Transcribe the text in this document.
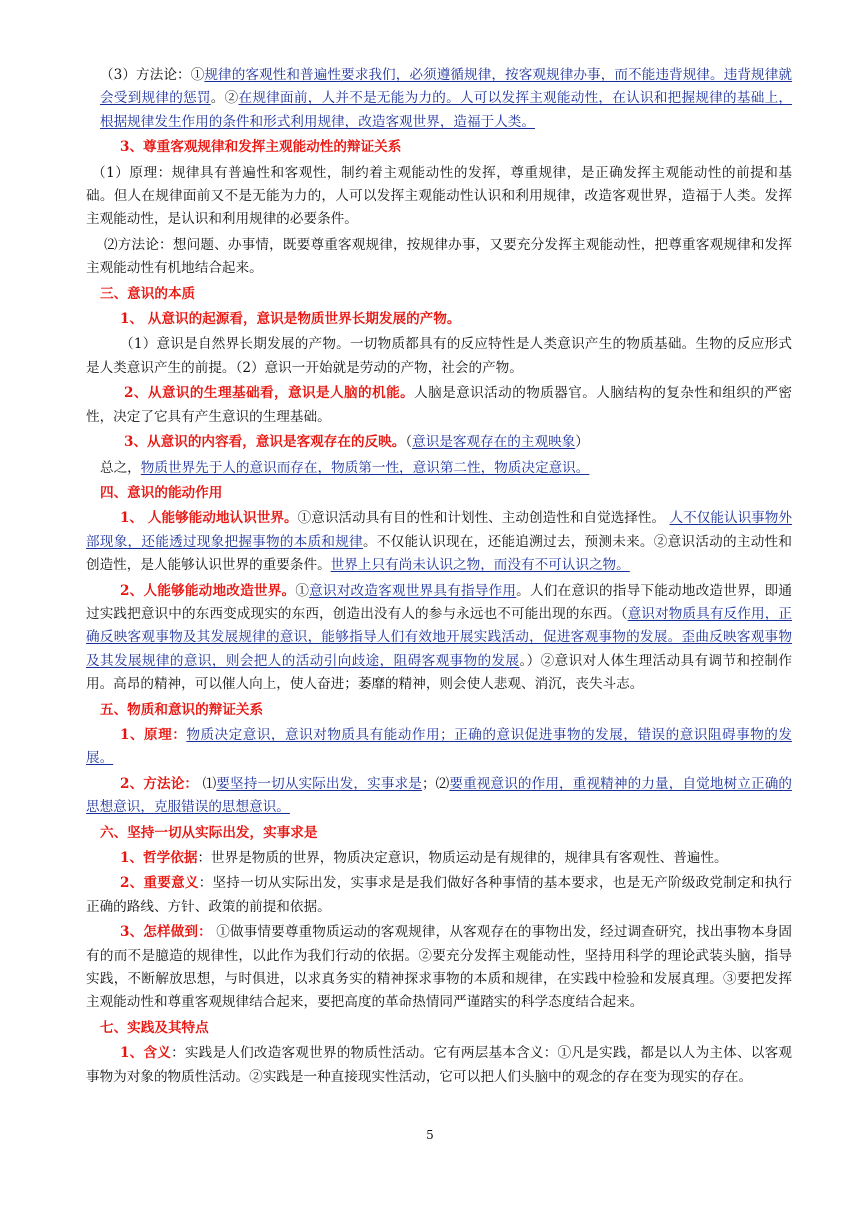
（3）方法论：①规律的客观性和普遍性要求我们，必须遵循规律，按客观规律办事，而不能违背规律。违背规律就会受到规律的惩罚。②在规律面前，人并不是无能为力的。人可以发挥主观能动性，在认识和把握规律的基础上，根据规律发生作用的条件和形式利用规律，改造客观世界，造福于人类。

3、尊重客观规律和发挥主观能动性的辩证关系

（1）原理：规律具有普遍性和客观性，制约着主观能动性的发挥，尊重规律，是正确发挥主观能动性的前提和基础。但人在规律面前又不是无能为力的，人可以发挥主观能动性认识和利用规律，改造客观世界，造福于人类。发挥主观能动性，是认识和利用规律的必要条件。

⑵方法论：想问题、办事情，既要尊重客观规律，按规律办事，又要充分发挥主观能动性，把尊重客观规律和发挥主观能动性有机地结合起来。

三、意识的本质

1、 从意识的起源看，意识是物质世界长期发展的产物。

（1）意识是自然界长期发展的产物。一切物质都具有的反应特性是人类意识产生的物质基础。生物的反应形式是人类意识产生的前提。（2）意识一开始就是劳动的产物，社会的产物。

2、从意识的生理基础看，意识是人脑的机能。人脑是意识活动的物质器官。人脑结构的复杂性和组织的严密性，决定了它具有产生意识的生理基础。

3、从意识的内容看，意识是客观存在的反映。（意识是客观存在的主观映象）

总之，物质世界先于人的意识而存在，物质第一性，意识第二性，物质决定意识。

四、意识的能动作用

1、 人能够能动地认识世界。①意识活动具有目的性和计划性、主动创造性和自觉选择性。 人不仅能认识事物外部现象，还能透过现象把握事物的本质和规律。不仅能认识现在，还能追溯过去，预测未来。②意识活动的主动性和创造性，是人能够认识世界的重要条件。世界上只有尚未认识之物，而没有不可认识之物。

2、人能够能动地改造世界。①意识对改造客观世界具有指导作用。人们在意识的指导下能动地改造世界，即通过实践把意识中的东西变成现实的东西，创造出没有人的参与永远也不可能出现的东西。（意识对物质具有反作用，正确反映客观事物及其发展规律的意识，能够指导人们有效地开展实践活动，促进客观事物的发展。歪曲反映客观事物及其发展规律的意识，则会把人的活动引向歧途，阻碍客观事物的发展。）②意识对人体生理活动具有调节和控制作用。高昂的精神，可以催人向上，使人奋进；萎靡的精神，则会使人悲观、消沉，丧失斗志。

五、物质和意识的辩证关系

1、原理：物质决定意识，意识对物质具有能动作用；正确的意识促进事物的发展，错误的意识阻碍事物的发展。

2、方法论： ⑴要坚持一切从实际出发，实事求是；⑵要重视意识的作用，重视精神的力量，自觉地树立正确的思想意识，克服错误的思想意识。

六、坚持一切从实际出发，实事求是

1、哲学依据：世界是物质的世界，物质决定意识，物质运动是有规律的，规律具有客观性、普遍性。

2、重要意义：坚持一切从实际出发，实事求是是我们做好各种事情的基本要求，也是无产阶级政党制定和执行正确的路线、方针、政策的前提和依据。

3、怎样做到： ①做事情要尊重物质运动的客观规律，从客观存在的事物出发，经过调查研究，找出事物本身固有的而不是臆造的规律性，以此作为我们行动的依据。②要充分发挥主观能动性，坚持用科学的理论武装头脑，指导实践，不断解放思想，与时俱进，以求真务实的精神探求事物的本质和规律，在实践中检验和发展真理。③要把发挥主观能动性和尊重客观规律结合起来，要把高度的革命热情同严谨踏实的科学态度结合起来。

七、实践及其特点

1、含义：实践是人们改造客观世界的物质性活动。它有两层基本含义：①凡是实践，都是以人为主体、以客观事物为对象的物质性活动。②实践是一种直接现实性活动，它可以把人们头脑中的观念的存在变为现实的存在。

5
